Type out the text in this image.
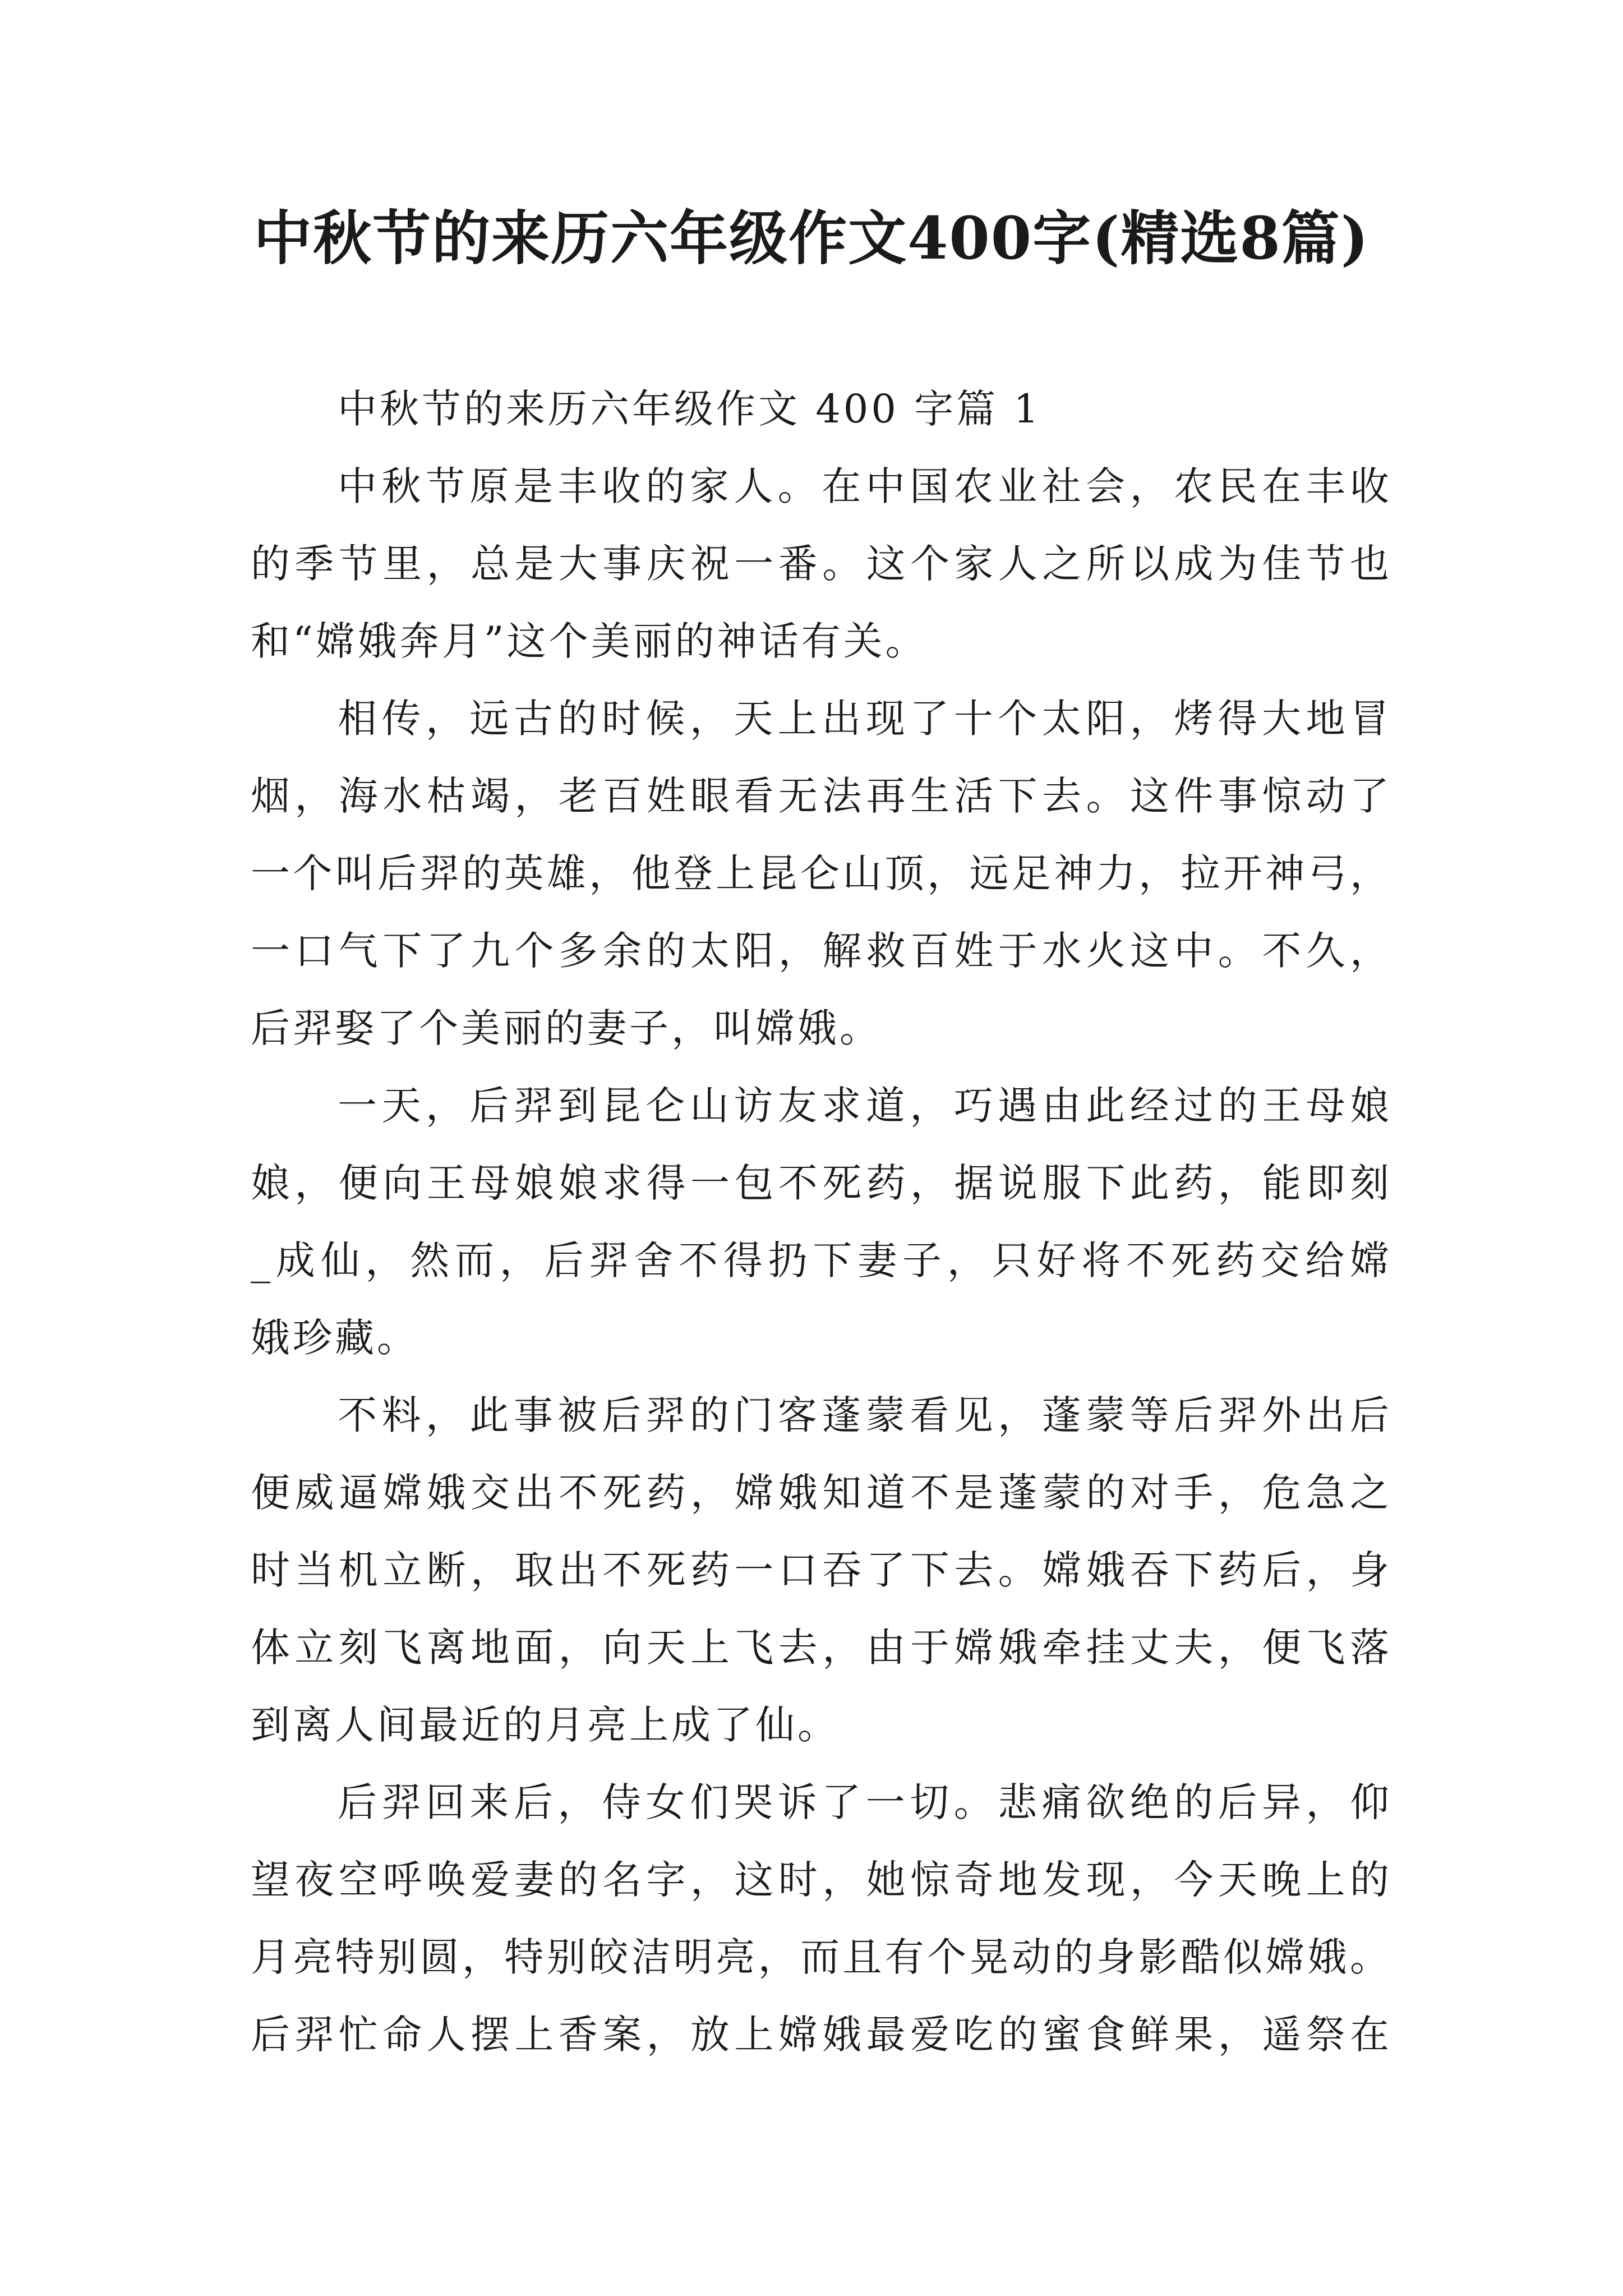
中秋节的来历六年级作文400字(精选8篇)
中秋节的来历六年级作文 400 字篇 1
中秋节原是丰收的家人。在中国农业社会，农民在丰收
的季节里，总是大事庆祝一番。这个家人之所以成为佳节也
和“嫦娥奔月”这个美丽的神话有关。
相传，远古的时候，天上出现了十个太阳，烤得大地冒
烟，海水枯竭，老百姓眼看无法再生活下去。这件事惊动了
一个叫后羿的英雄，他登上昆仑山顶，远足神力，拉开神弓，
一口气下了九个多余的太阳，解救百姓于水火这中。不久，
后羿娶了个美丽的妻子，叫嫦娥。
一天，后羿到昆仑山访友求道，巧遇由此经过的王母娘
娘，便向王母娘娘求得一包不死药，据说服下此药，能即刻
_成仙，然而，后羿舍不得扔下妻子，只好将不死药交给嫦
娥珍藏。
不料，此事被后羿的门客蓬蒙看见，蓬蒙等后羿外出后
便威逼嫦娥交出不死药，嫦娥知道不是蓬蒙的对手，危急之
时当机立断，取出不死药一口吞了下去。嫦娥吞下药后，身
体立刻飞离地面，向天上飞去，由于嫦娥牵挂丈夫，便飞落
到离人间最近的月亮上成了仙。
后羿回来后，侍女们哭诉了一切。悲痛欲绝的后异，仰
望夜空呼唤爱妻的名字，这时，她惊奇地发现，今天晚上的
月亮特别圆，特别皎洁明亮，而且有个晃动的身影酷似嫦娥。
后羿忙命人摆上香案，放上嫦娥最爱吃的蜜食鲜果，遥祭在
